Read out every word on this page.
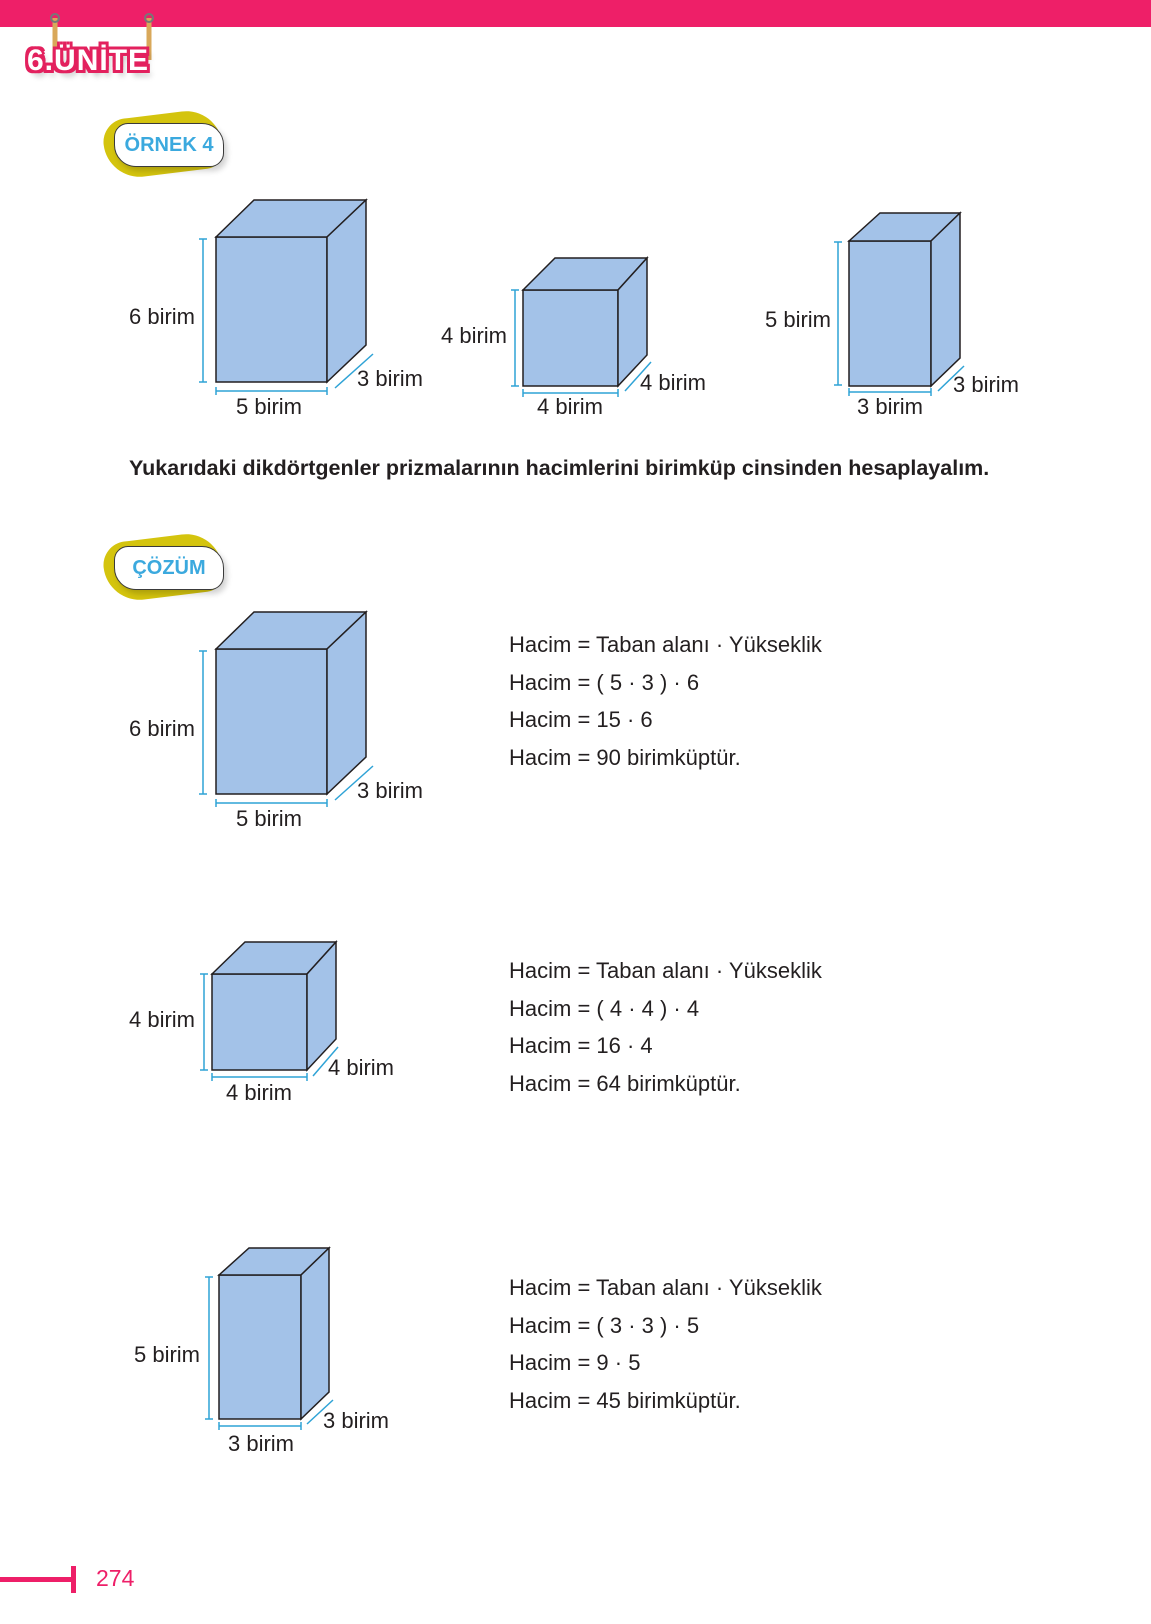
6.ÜNİTE
ÖRNEK 4
6 birim
5 birim
3 birim
4 birim
4 birim
4 birim
5 birim
3 birim
3 birim
Yukarıdaki dikdörtgenler prizmalarının hacimlerini birimküp cinsinden hesaplayalım.
ÇÖZÜM
6 birim
5 birim
3 birim
Hacim = Taban alanı · Yükseklik
Hacim = ( 5 · 3 ) · 6
Hacim = 15 · 6
Hacim = 90 birimküptür.
4 birim
4 birim
4 birim
Hacim = Taban alanı · Yükseklik
Hacim = ( 4 · 4 ) · 4
Hacim = 16 · 4
Hacim = 64 birimküptür.
5 birim
3 birim
3 birim
Hacim = Taban alanı · Yükseklik
Hacim = ( 3 · 3 ) · 5
Hacim = 9 · 5
Hacim = 45 birimküptür.
274
